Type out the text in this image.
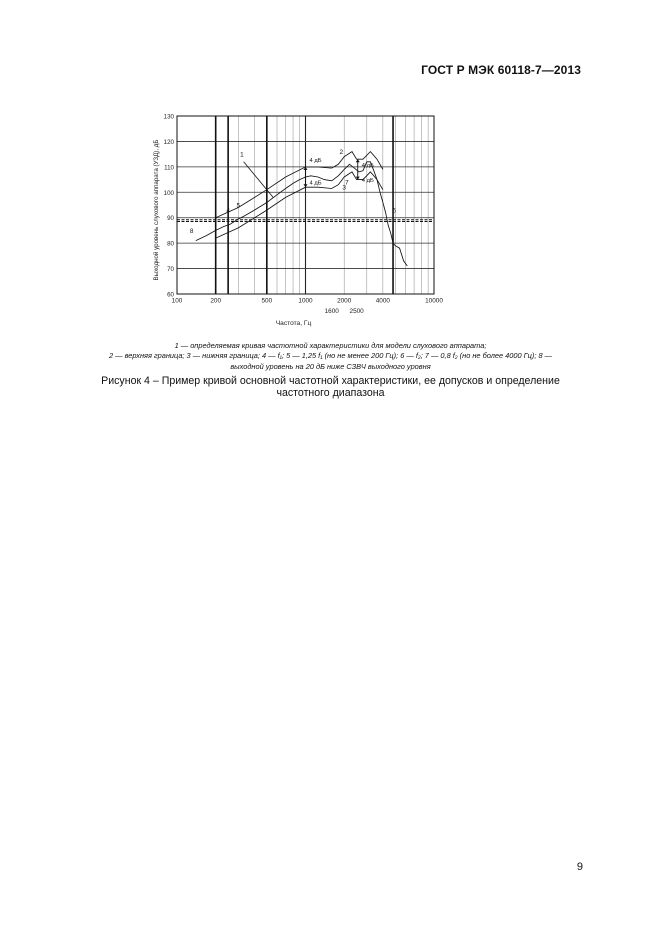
ГОСТ Р МЭК 60118-7—2013
60
70
80
90
100
110
120
130
100	200	500	1000	2000	4000	10000
1600 2500
Частота, Гц
Выходной уровень слухового аппарата (УЗД), дБ	1	2
3
4
5
6
7
8
4 дБ
4 дБ
4 дБ
4 дБ
1 — определяемая кривая частотной характеристики для модели слухового аппарата;
2 — верхняя граница; 3 — нижняя граница; 4 — f₁; 5 — 1,25 f₁ (но не менее 200 Гц); 6 — f₂; 7 — 0,8 f₂ (но не более 4000 Гц); 8 —
выходной уровень на 20 дБ ниже СЗВЧ выходного уровня
Рисунок 4 – Пример кривой основной частотной характеристики, ее допусков и определение
частотного диапазона
9
